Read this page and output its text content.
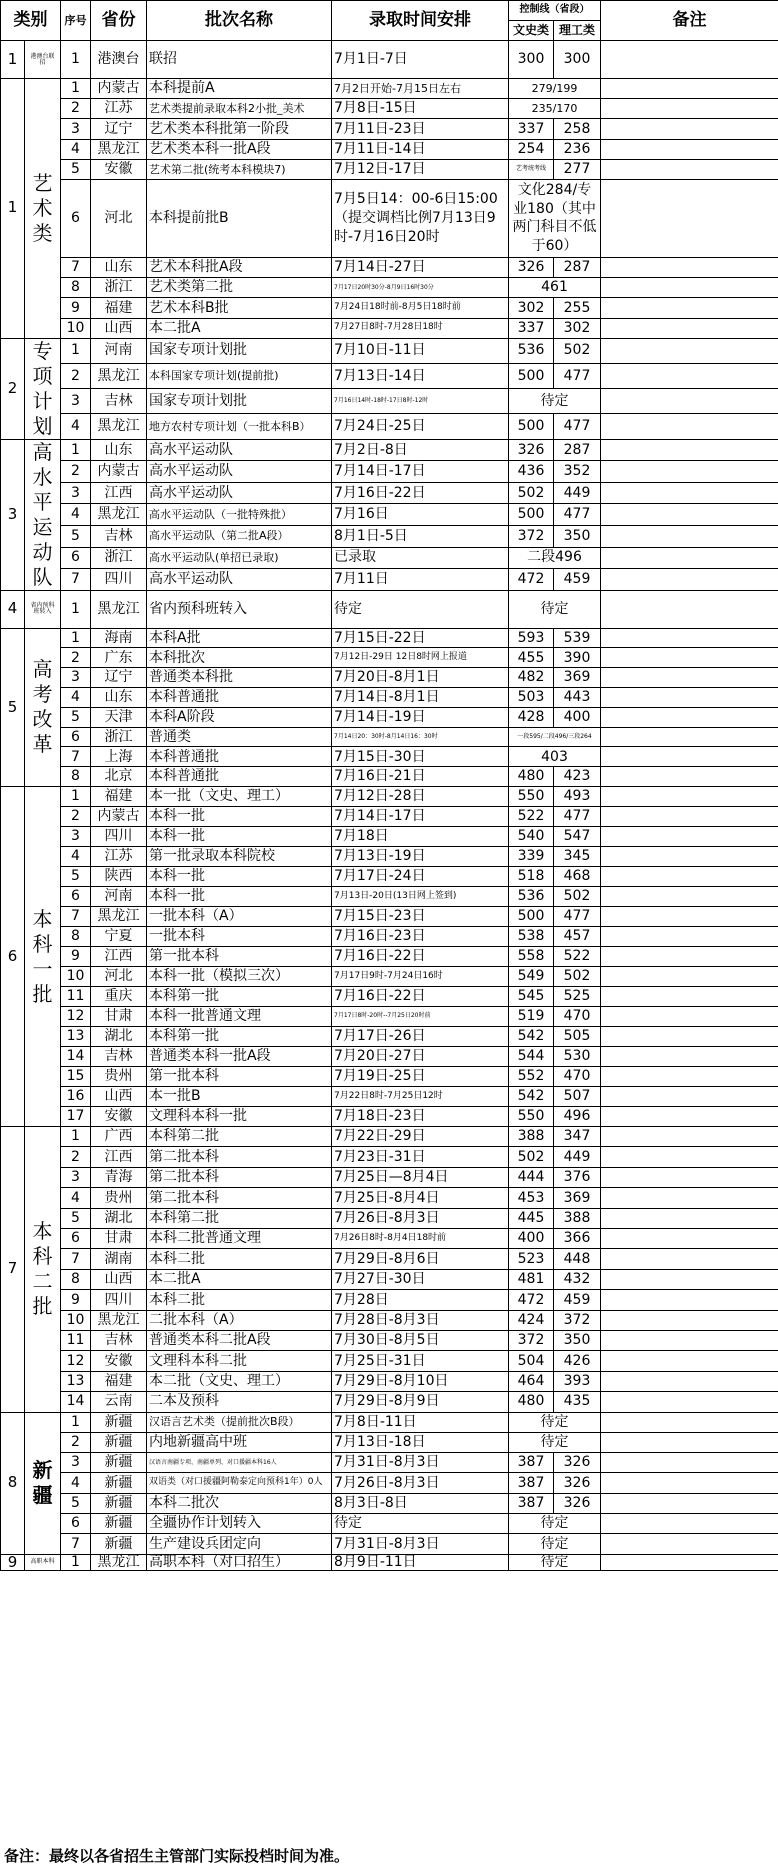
类别		序号	省份	批次名称	录取时间安排	控制线（省段）		备注
						文史类	理工类	
1	港澳台联招	1	港澳台	联招	7月1日-7日	300	300	
1	艺术类	1	内蒙古	本科提前A	7月2日开始-7月15日左右	279/199		
		2	江苏	艺术类提前录取本科2小批_美术	7月8日-15日	235/170		
		3	辽宁	艺术类本科批第一阶段	7月11日-23日	337	258	
		4	黑龙江	艺术类本科一批A段	7月11日-14日	254	236	
		5	安徽	艺术第二批(统考本科模块7)	7月12日-17日	艺考统考线	277	
		6	河北	本科提前批B	7月5日14：00-6日15:00（提交调档比例7月13日9时-7月16日20时	文化284/专业180（其中两门科目不低于60）		
		7	山东	艺术本科批A段	7月14日-27日	326	287	
		8	浙江	艺术类第二批	7月17日20时30分-8月9日16时30分	461		
		9	福建	艺术本科B批	7月24日18时前-8月5日18时前	302	255	
		10	山西	本二批A	7月27日8时-7月28日18时	337	302	
2	专项计划	1	河南	国家专项计划批	7月10日-11日	536	502	
		2	黑龙江	本科国家专项计划(提前批)	7月13日-14日	500	477	
		3	吉林	国家专项计划批	7月16日14时-18时-17日8时-12时	待定		
		4	黑龙江	地方农村专项计划（一批本科B）	7月24日-25日	500	477	
3	高水平运动队	1	山东	高水平运动队	7月2日-8日	326	287	
		2	内蒙古	高水平运动队	7月14日-17日	436	352	
		3	江西	高水平运动队	7月16日-22日	502	449	
		4	黑龙江	高水平运动队（一批特殊批）	7月16日	500	477	
		5	吉林	高水平运动队（第二批A段）	8月1日-5日	372	350	
		6	浙江	高水平运动队(单招已录取)	已录取	二段496		
		7	四川	高水平运动队	7月11日	472	459	
4	省内预科班转入	1	黑龙江	省内预科班转入	待定	待定		
5	高考改革	1	海南	本科A批	7月15日-22日	593	539	
		2	广东	本科批次	7月12日-29日 12日8时网上报道	455	390	
		3	辽宁	普通类本科批	7月20日-8月1日	482	369	
		4	山东	本科普通批	7月14日-8月1日	503	443	
		5	天津	本科A阶段	7月14日-19日	428	400	
		6	浙江	普通类	7月14日20：30时-8月14日16：30时	一段595/二段496/三段264		
		7	上海	本科普通批	7月15日-30日	403		
		8	北京	本科普通批	7月16日-21日	480	423	
6	本科一批	1	福建	本一批（文史、理工）	7月12日-28日	550	493	
		2	内蒙古	本科一批	7月14日-17日	522	477	
		3	四川	本科一批	7月18日	540	547	
		4	江苏	第一批录取本科院校	7月13日-19日	339	345	
		5	陕西	本科一批	7月17日-24日	518	468	
		6	河南	本科一批	7月13日-20日(13日网上签到)	536	502	
		7	黑龙江	一批本科（A）	7月15日-23日	500	477	
		8	宁夏	一批本科	7月16日-23日	538	457	
		9	江西	第一批本科	7月16日-22日	558	522	
		10	河北	本科一批（模拟三次）	7月17日9时-7月24日16时	549	502	
		11	重庆	本科第一批	7月16日-22日	545	525	
		12	甘肃	本科一批普通文理	7月17日8时-20时--7月25日20时前	519	470	
		13	湖北	本科第一批	7月17日-26日	542	505	
		14	吉林	普通类本科一批A段	7月20日-27日	544	530	
		15	贵州	第一批本科	7月19日-25日	552	470	
		16	山西	本一批B	7月22日8时-7月25日12时	542	507	
		17	安徽	文理科本科一批	7月18日-23日	550	496	
7	本科二批	1	广西	本科第二批	7月22日-29日	388	347	
		2	江西	第二批本科	7月23日-31日	502	449	
		3	青海	第二批本科	7月25日—8月4日	444	376	
		4	贵州	第二批本科	7月25日-8月4日	453	369	
		5	湖北	本科第二批	7月26日-8月3日	445	388	
		6	甘肃	本科二批普通文理	7月26日8时-8月4日18时前	400	366	
		7	湖南	本科二批	7月29日-8月6日	523	448	
		8	山西	本二批A	7月27日-30日	481	432	
		9	四川	本科二批	7月28日	472	459	
		10	黑龙江	二批本科（A）	7月28日-8月3日	424	372	
		11	吉林	普通类本科二批A段	7月30日-8月5日	372	350	
		12	安徽	文理科本科二批	7月25日-31日	504	426	
		13	福建	本二批（文史、理工）	7月29日-8月10日	464	393	
		14	云南	二本及预科	7月29日-8月9日	480	435	
8	新疆	1	新疆	汉语言艺术类（提前批次B段）	7月8日-11日	待定		
		2	新疆	内地新疆高中班	7月13日-18日	待定		
		3	新疆	汉语言南疆专项、南疆单列、对口援疆本科16人	7月31日-8月3日	387	326	
		4	新疆	双语类（对口援疆阿勒泰定向预科1年）0人	7月26日-8月3日	387	326	
		5	新疆	本科二批次	8月3日-8日	387	326	
		6	新疆	全疆协作计划转入	待定	待定		
		7	新疆	生产建设兵团定向	7月31日-8月3日	待定		
9	高职本科	1	黑龙江	高职本科（对口招生）	8月9日-11日	待定		
备注：最终以各省招生主管部门实际投档时间为准。
